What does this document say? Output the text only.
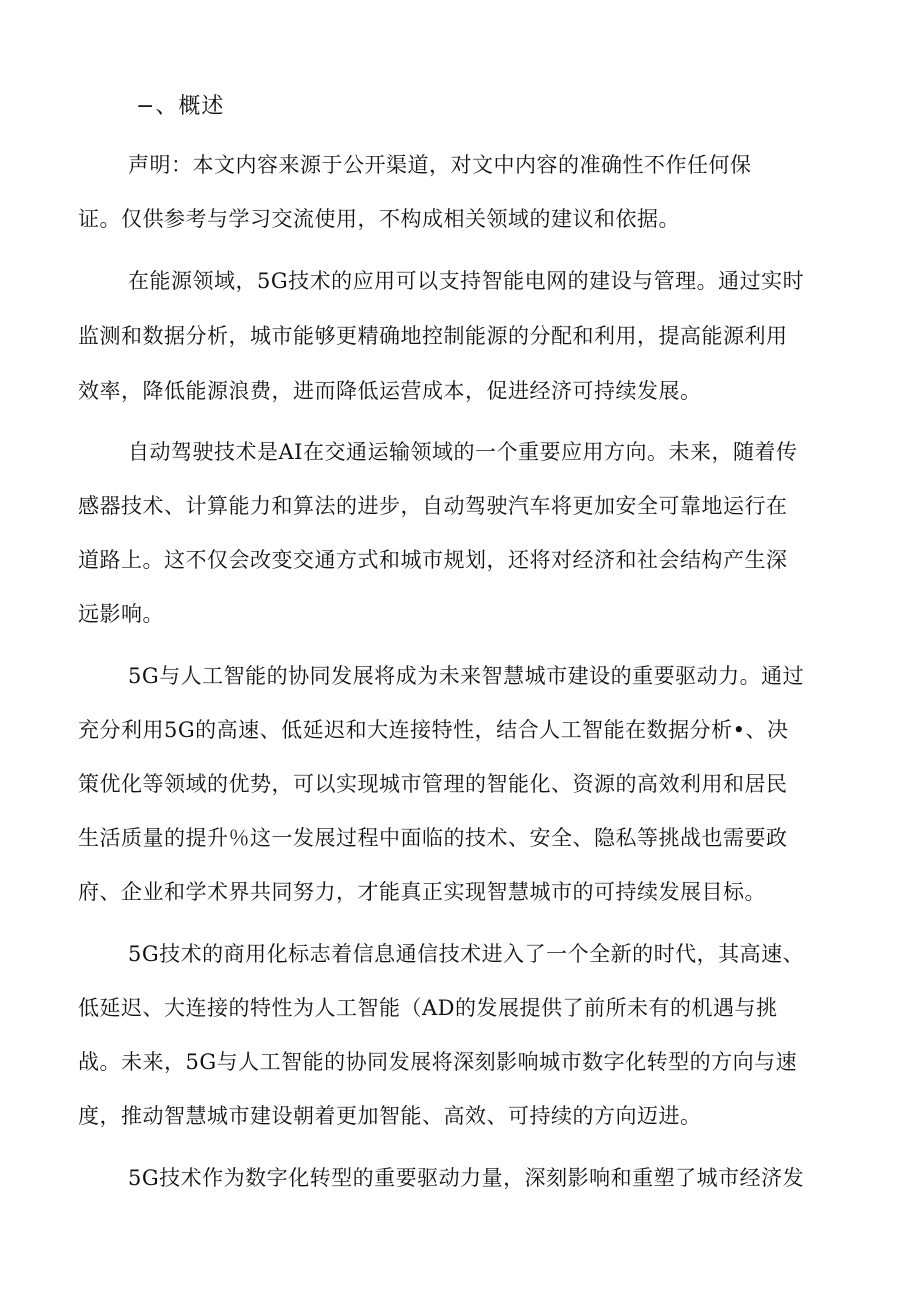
−、概述
声明：本文内容来源于公开渠道，对文中内容的准确性不作任何保
证。仅供参考与学习交流使用，不构成相关领域的建议和依据。
在能源领域，5G技术的应用可以支持智能电网的建设与管理。通过实时
监测和数据分析，城市能够更精确地控制能源的分配和利用，提高能源利用
效率，降低能源浪费，进而降低运营成本，促进经济可持续发展。
自动驾驶技术是AI在交通运输领域的一个重要应用方向。未来，随着传
感器技术、计算能力和算法的进步，自动驾驶汽车将更加安全可靠地运行在
道路上。这不仅会改变交通方式和城市规划，还将对经济和社会结构产生深
远影响。
5G与人工智能的协同发展将成为未来智慧城市建设的重要驱动力。通过
充分利用5G的高速、低延迟和大连接特性，结合人工智能在数据分析•、决
策优化等领域的优势，可以实现城市管理的智能化、资源的高效利用和居民
生活质量的提升％这一发展过程中面临的技术、安全、隐私等挑战也需要政
府、企业和学术界共同努力，才能真正实现智慧城市的可持续发展目标。
5G技术的商用化标志着信息通信技术进入了一个全新的时代，其高速、
低延迟、大连接的特性为人工智能（AD的发展提供了前所未有的机遇与挑
战。未来，5G与人工智能的协同发展将深刻影响城市数字化转型的方向与速
度，推动智慧城市建设朝着更加智能、高效、可持续的方向迈进。
5G技术作为数字化转型的重要驱动力量，深刻影响和重塑了城市经济发
